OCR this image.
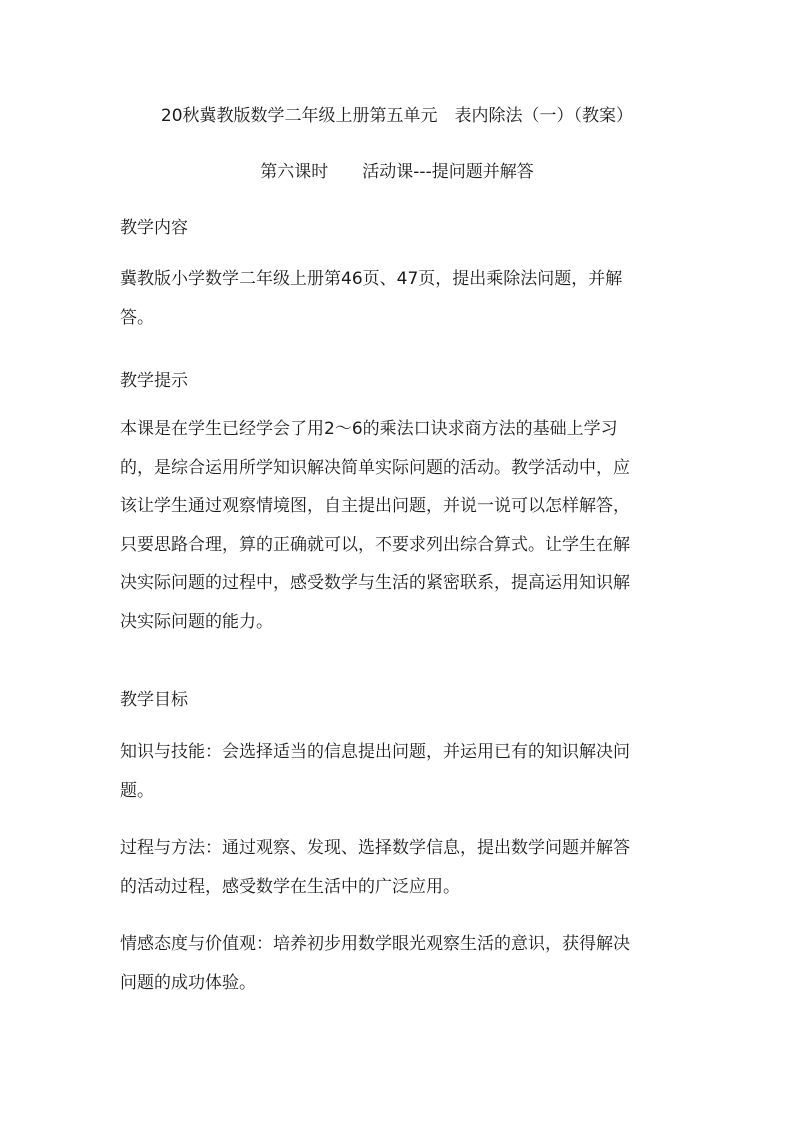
20秋冀教版数学二年级上册第五单元　表内除法（一）（教案）
第六课时　　活动课---提问题并解答
教学内容
冀教版小学数学二年级上册第46页、47页，提出乘除法问题，并解
答。
教学提示
本课是在学生已经学会了用2～6的乘法口诀求商方法的基础上学习
的，是综合运用所学知识解决简单实际问题的活动。教学活动中，应
该让学生通过观察情境图，自主提出问题，并说一说可以怎样解答，
只要思路合理，算的正确就可以，不要求列出综合算式。让学生在解
决实际问题的过程中，感受数学与生活的紧密联系，提高运用知识解
决实际问题的能力。
教学目标
知识与技能：会选择适当的信息提出问题，并运用已有的知识解决问
题。
过程与方法：通过观察、发现、选择数学信息，提出数学问题并解答
的活动过程，感受数学在生活中的广泛应用。
情感态度与价值观：培养初步用数学眼光观察生活的意识，获得解决
问题的成功体验。
